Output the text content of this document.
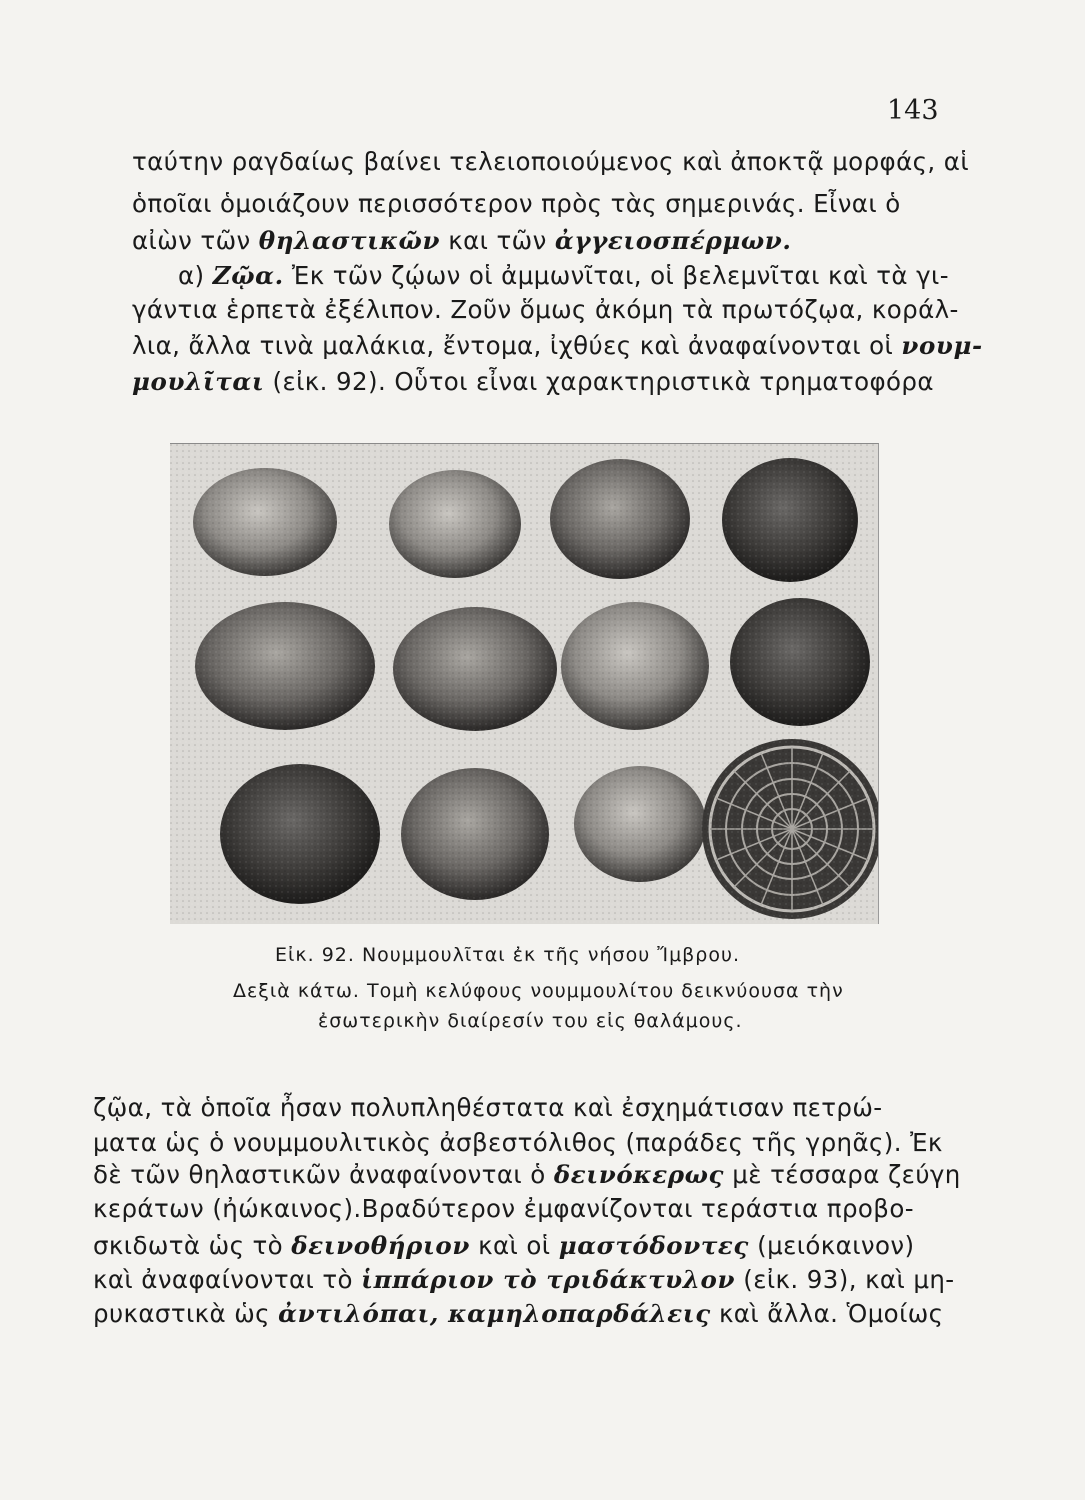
143
ταύτην ραγδαίως βαίνει τελειοποιούμενος καὶ ἀποκτᾷ μορφάς, αἱ
ὁποῖαι ὁμοιάζουν περισσότερον πρὸς τὰς σημερινάς. Εἶναι ὁ
αἰὼν τῶν θηλαστικῶν και τῶν ἀγγειοσπέρμων.
α) Ζῷα. Ἐκ τῶν ζῴων οἱ ἀμμωνῖται, οἱ βελεμνῖται καὶ τὰ γι-
γάντια ἑρπετὰ ἐξέλιπον. Ζοῦν ὅμως ἀκόμη τὰ πρωτόζῳα, κοράλ-
λια, ἄλλα τινὰ μαλάκια, ἔντομα, ἰχθύες καὶ ἀναφαίνονται οἱ νουμ-
μουλῖται (εἰκ. 92). Οὗτοι εἶναι χαρακτηριστικὰ τρηματοφόρα
Εἰκ. 92. Νουμμουλῖται ἐκ τῆς νήσου Ἴμβρου.
Δεξιὰ κάτω. Τομὴ κελύφους νουμμουλίτου δεικνύουσα τὴν
ἐσωτερικὴν διαίρεσίν του εἰς θαλάμους.
ζῷα, τὰ ὁποῖα ἦσαν πολυπληθέστατα καὶ ἐσχημάτισαν πετρώ-
ματα ὡς ὁ νουμμουλιτικὸς ἀσβεστόλιθος (παράδες τῆς γρηᾶς). Ἐκ
δὲ τῶν θηλαστικῶν ἀναφαίνονται ὁ δεινόκερως μὲ τέσσαρα ζεύγη
κεράτων (ἠώκαινος).Βραδύτερον ἐμφανίζονται τεράστια προβο-
σκιδωτὰ ὡς τὸ δεινοθήριον καὶ οἱ μαστόδοντες (μειόκαινον)
καὶ ἀναφαίνονται τὸ ἱππάριον τὸ τριδάκτυλον (εἰκ. 93), καὶ μη-
ρυκαστικὰ ὡς ἀντιλόπαι, καμηλοπαρδάλεις καὶ ἄλλα. Ὁμοίως
